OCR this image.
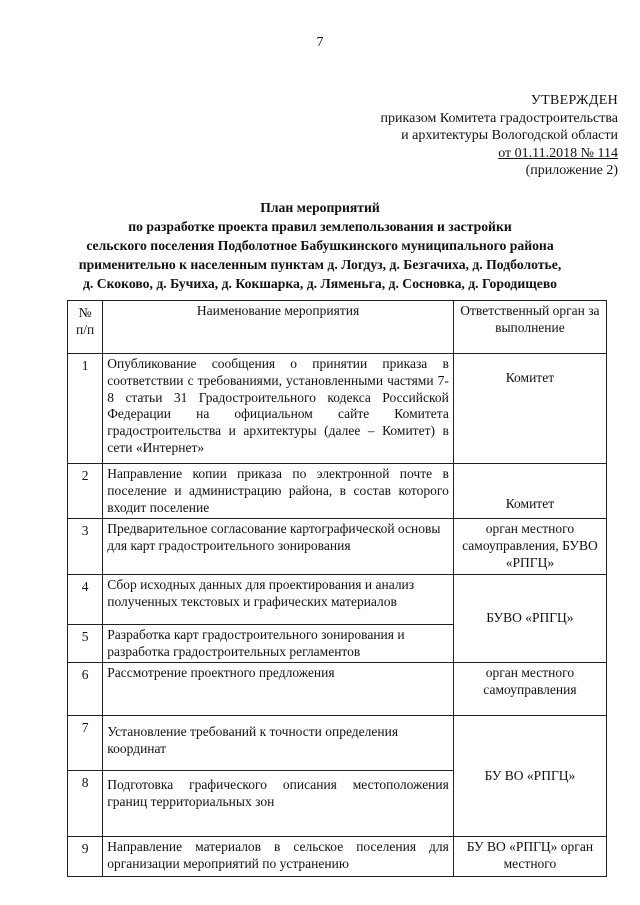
7
УТВЕРЖДЕН
приказом Комитета градостроительства
и архитектуры Вологодской области
от 01.11.2018 № 114
(приложение 2)
План мероприятий
по разработке проекта правил землепользования и застройки
сельского поселения Подболотное Бабушкинского муниципального района
применительно к населенным пунктам д. Логдуз, д. Безгачиха, д. Подболотье,
д. Скоково, д. Бучиха, д. Кокшарка, д. Ляменьга, д. Сосновка, д. Городищево
№ п/п	Наименование мероприятия	Ответственный орган за выполнение
1	Опубликование сообщения о принятии приказа в соответствии с требованиями, установленными частями 7-8 статьи 31 Градостроительного кодекса Российской Федерации на официальном сайте Комитета градостроительства и архитектуры (далее – Комитет) в сети «Интернет»	Комитет
2	Направление копии приказа по электронной почте в поселение и администрацию района, в состав которого входит поселение	Комитет
3	Предварительное согласование картографической основы для карт градостроительного зонирования	орган местного самоуправления, БУВО «РПГЦ»
4	Сбор исходных данных для проектирования и анализ полученных текстовых и графических материалов	БУВО «РПГЦ»
5	Разработка карт градостроительного зонирования и разработка градостроительных регламентов	
6	Рассмотрение проектного предложения	орган местного самоуправления
7	Установление требований к точности определения координат	БУ ВО «РПГЦ»
8	Подготовка графического описания местоположения границ территориальных зон	
9	Направление материалов в сельское поселения для организации мероприятий по устранению	БУ ВО «РПГЦ» орган местного
